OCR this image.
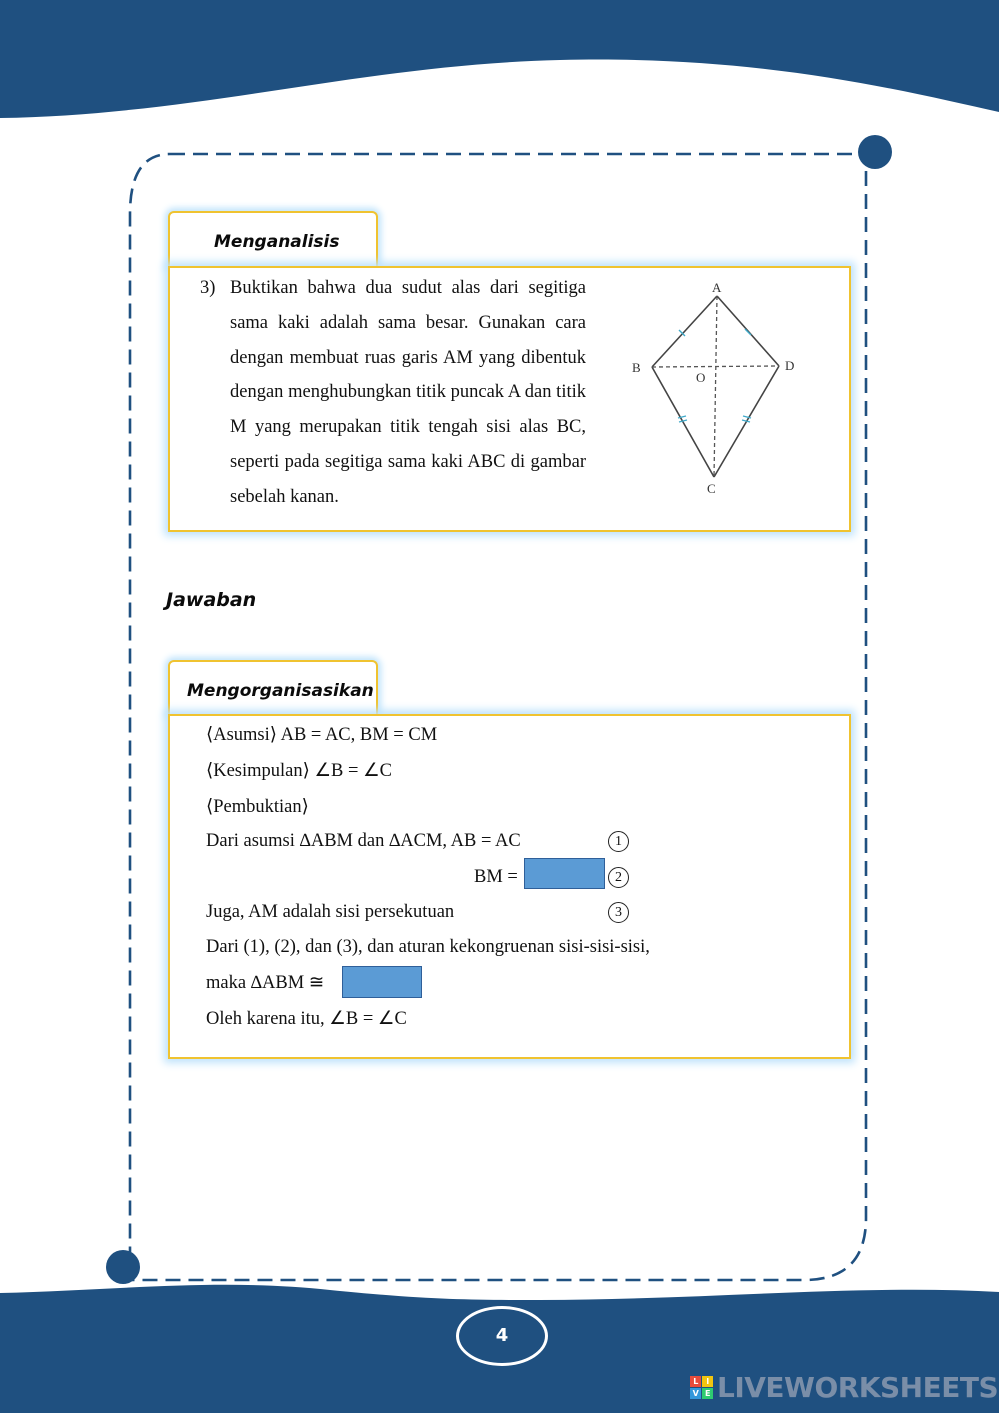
Menganalisis
3) Buktikan bahwa dua sudut alas dari segitiga sama kaki adalah sama besar. Gunakan cara dengan membuat ruas garis AM yang dibentuk dengan menghubungkan titik puncak A dan titik M yang merupakan titik tengah sisi alas BC, seperti pada segitiga sama kaki ABC di gambar sebelah kanan.
A
B	D
O
C
Jawaban
Mengorganisasikan
⟨Asumsi⟩ AB = AC, BM = CM
⟨Kesimpulan⟩ ∠B = ∠C
⟨Pembuktian⟩
Dari asumsi ∆ABM dan ∆ACM, AB = AC	1
BM =	2
Juga, AM adalah sisi persekutuan	3
Dari (1), (2), dan (3), dan aturan kekongruenan sisi-sisi-sisi,
maka ∆ABM ≅
Oleh karena itu, ∠B = ∠C
4
L	I
V E LIVEWORKSHEETS
